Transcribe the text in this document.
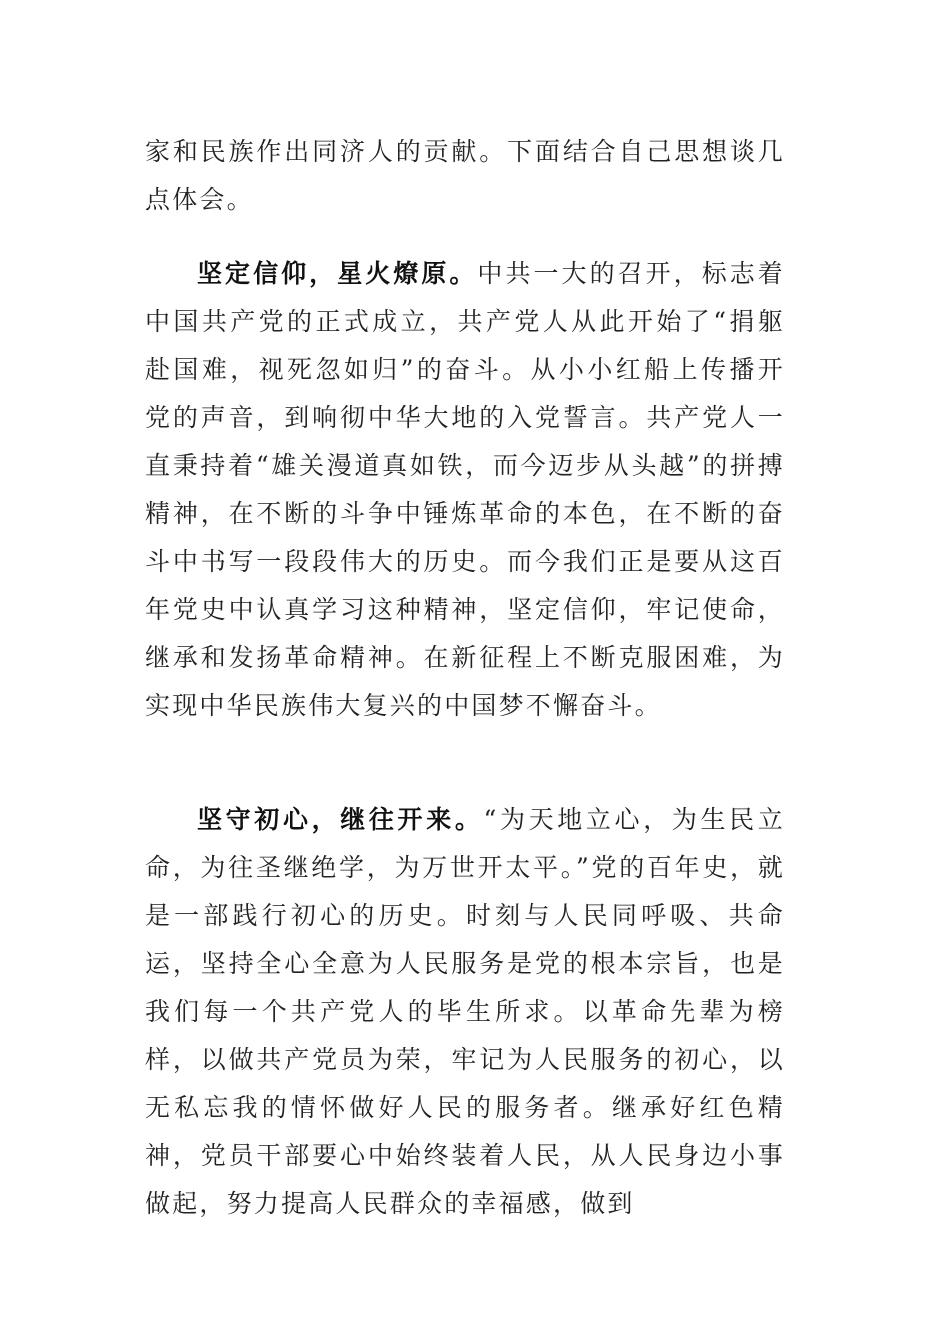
家和民族作出同济人的贡献。下面结合自己思想谈几点体会。

坚定信仰，星火燎原。中共一大的召开，标志着中国共产党的正式成立，共产党人从此开始了“捐躯赴国难，视死忽如归”的奋斗。从小小红船上传播开党的声音，到响彻中华大地的入党誓言。共产党人一直秉持着“雄关漫道真如铁，而今迈步从头越”的拼搏精神，在不断的斗争中锤炼革命的本色，在不断的奋斗中书写一段段伟大的历史。而今我们正是要从这百年党史中认真学习这种精神，坚定信仰，牢记使命，继承和发扬革命精神。在新征程上不断克服困难，为实现中华民族伟大复兴的中国梦不懈奋斗。

坚守初心，继往开来。“为天地立心，为生民立命，为往圣继绝学，为万世开太平。”党的百年史，就是一部践行初心的历史。时刻与人民同呼吸、共命运，坚持全心全意为人民服务是党的根本宗旨，也是我们每一个共产党人的毕生所求。以革命先辈为榜样，以做共产党员为荣，牢记为人民服务的初心，以无私忘我的情怀做好人民的服务者。继承好红色精神，党员干部要心中始终装着人民，从人民身边小事做起，努力提高人民群众的幸福感，做到
